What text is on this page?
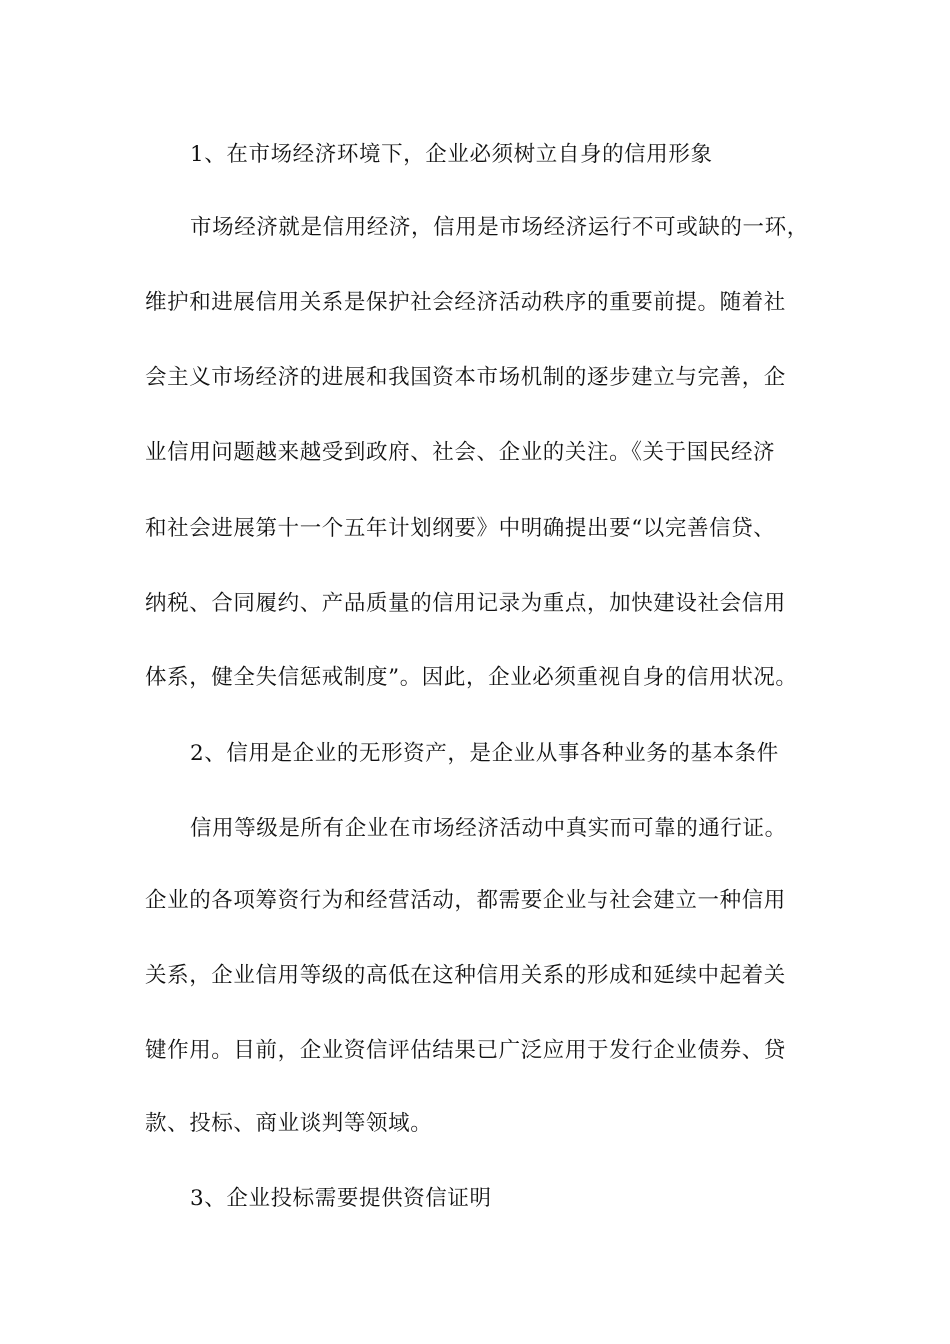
1、在市场经济环境下，企业必须树立自身的信用形象
市场经济就是信用经济，信用是市场经济运行不可或缺的一环，
维护和进展信用关系是保护社会经济活动秩序的重要前提。随着社
会主义市场经济的进展和我国资本市场机制的逐步建立与完善，企
业信用问题越来越受到政府、社会、企业的关注。《关于国民经济
和社会进展第十一个五年计划纲要》中明确提出要“以完善信贷、
纳税、合同履约、产品质量的信用记录为重点，加快建设社会信用
体系，健全失信惩戒制度”。因此，企业必须重视自身的信用状况。
2、信用是企业的无形资产，是企业从事各种业务的基本条件
信用等级是所有企业在市场经济活动中真实而可靠的通行证。
企业的各项筹资行为和经营活动，都需要企业与社会建立一种信用
关系，企业信用等级的高低在这种信用关系的形成和延续中起着关
键作用。目前，企业资信评估结果已广泛应用于发行企业债券、贷
款、投标、商业谈判等领域。
3、企业投标需要提供资信证明
